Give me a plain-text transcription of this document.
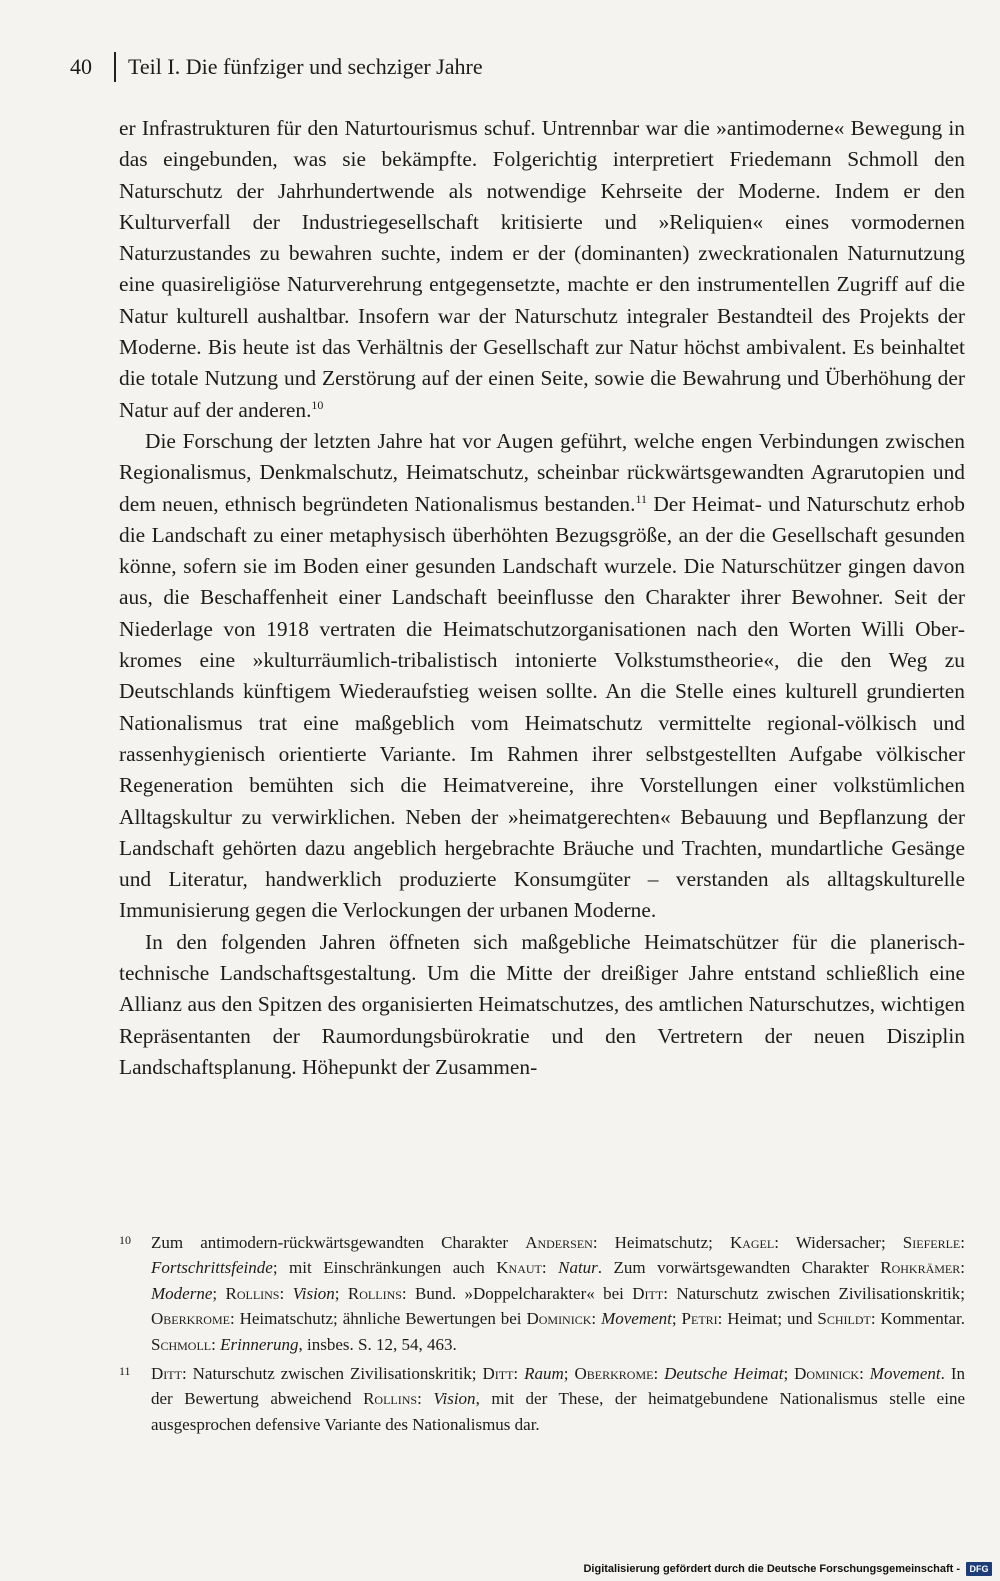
40	Teil I. Die fünfziger und sechziger Jahre

er Infrastrukturen für den Naturtourismus schuf. Untrennbar war die »antimoderne« Bewegung in das eingebunden, was sie bekämpfte. Folgerichtig interpretiert Friedemann Schmoll den Naturschutz der Jahrhundertwende als notwendige Kehrseite der Moderne. Indem er den Kulturverfall der Industriegesellschaft kritisierte und »Reliquien« eines vormodernen Naturzustandes zu bewahren suchte, indem er der (dominanten) zweckrationalen Naturnutzung eine quasireligiöse Naturverehrung entgegensetzte, machte er den instrumentellen Zugriff auf die Natur kulturell aushaltbar. Insofern war der Naturschutz integraler Bestandteil des Projekts der Moderne. Bis heute ist das Verhältnis der Gesellschaft zur Natur höchst ambivalent. Es beinhaltet die totale Nutzung und Zerstörung auf der einen Seite, sowie die Bewahrung und Überhöhung der Natur auf der anderen.$^{10}$

Die Forschung der letzten Jahre hat vor Augen geführt, welche engen Verbindungen zwischen Regionalismus, Denkmalschutz, Heimatschutz, scheinbar rückwärtsgewandten Agrarutopien und dem neuen, ethnisch begründeten Nationalismus bestanden.$^{11}$ Der Heimat- und Naturschutz erhob die Landschaft zu einer metaphysisch überhöhten Bezugsgröße, an der die Gesellschaft gesunden könne, sofern sie im Boden einer gesunden Landschaft wurzele. Die Naturschützer gingen davon aus, die Beschaffenheit einer Landschaft beeinflusse den Charakter ihrer Bewohner. Seit der Niederlage von 1918 vertraten die Heimatschutzorganisationen nach den Worten Willi Oberkromes eine »kulturräumlich-tribalistisch intonierte Volkstumstheorie«, die den Weg zu Deutschlands künftigem Wiederaufstieg weisen sollte. An die Stelle eines kulturell grundierten Nationalismus trat eine maßgeblich vom Heimatschutz vermittelte regional-völkisch und rassenhygienisch orientierte Variante. Im Rahmen ihrer selbstgestellten Aufgabe völkischer Regeneration bemühten sich die Heimatvereine, ihre Vorstellungen einer volkstümlichen Alltagskultur zu verwirklichen. Neben der »heimatgerechten« Bebauung und Bepflanzung der Landschaft gehörten dazu angeblich hergebrachte Bräuche und Trachten, mundartliche Gesänge und Literatur, handwerklich produzierte Konsumgüter – verstanden als alltagskulturelle Immunisierung gegen die Verlockungen der urbanen Moderne.

In den folgenden Jahren öffneten sich maßgebliche Heimatschützer für die planerisch-technische Landschaftsgestaltung. Um die Mitte der dreißiger Jahre entstand schließlich eine Allianz aus den Spitzen des organisierten Heimatschutzes, des amtlichen Naturschutzes, wichtigen Repräsentanten der Raumordungsbürokratie und den Vertretern der neuen Disziplin Landschaftsplanung. Höhepunkt der Zusammen-

10 Zum antimodern-rückwärtsgewandten Charakter Andersen: Heimatschutz; Kagel: Widersacher; Sieferle: Fortschrittsfeinde; mit Einschränkungen auch Knaut: Natur. Zum vorwärtsgewandten Charakter Rohkrämer: Moderne; Rollins: Vision; Rollins: Bund. »Doppelcharakter« bei Ditt: Naturschutz zwischen Zivilisationskritik; Oberkrome: Heimatschutz; ähnliche Bewertungen bei Dominick: Movement; Petri: Heimat; und Schildt: Kommentar. Schmoll: Erinnerung, insbes. S. 12, 54, 463.

11 Ditt: Naturschutz zwischen Zivilisationskritik; Ditt: Raum; Oberkrome: Deutsche Heimat; Dominick: Movement. In der Bewertung abweichend Rollins: Vision, mit der These, der heimatgebundene Nationalismus stelle eine ausgesprochen defensive Variante des Nationalismus dar.

Digitalisierung gefördert durch die Deutsche Forschungsgemeinschaft -	DFG
